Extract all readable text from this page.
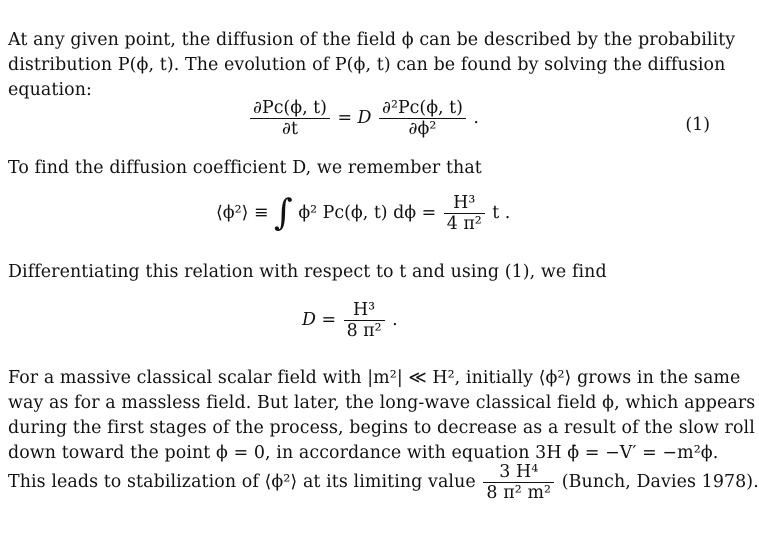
At any given point, the diffusion of the field ϕ can be described by the probability
distribution P(ϕ, t). The evolution of P(ϕ, t) can be found by solving the diffusion
equation:
$\frac{\partial Pc(\phi, t)}{\partial t} = D \frac{\text{∂²Pc(ϕ, t)}}{\text{∂ϕ²}}$ .	(1)
To find the diffusion coefficient D, we remember that
⟨ϕ²⟩ ≡ ∫ ϕ² Pc(ϕ, t) $d\phi = \frac{\text{H³}}{\text{4 π²}}$ t .
Differentiating this relation with respect to t and using (1), we find
$D = \frac{\text{H³}}{\text{8 π²}}$ .
For a massive classical scalar field with |m²| ≪ H², initially ⟨ϕ²⟩ grows in the same
way as for a massless field. But later, the long-wave classical field ϕ, which appears
during the first stages of the process, begins to decrease as a result of the slow roll
down toward the point ϕ = 0, in accordance with equation 3H ϕ̇ = −V′ = −m²ϕ.
This leads to stabilization of ⟨ϕ²⟩ at its limiting value $\frac{\text{3 H⁴}}{\text{8 π² m²}}$ (Bunch, Davies 1978).
